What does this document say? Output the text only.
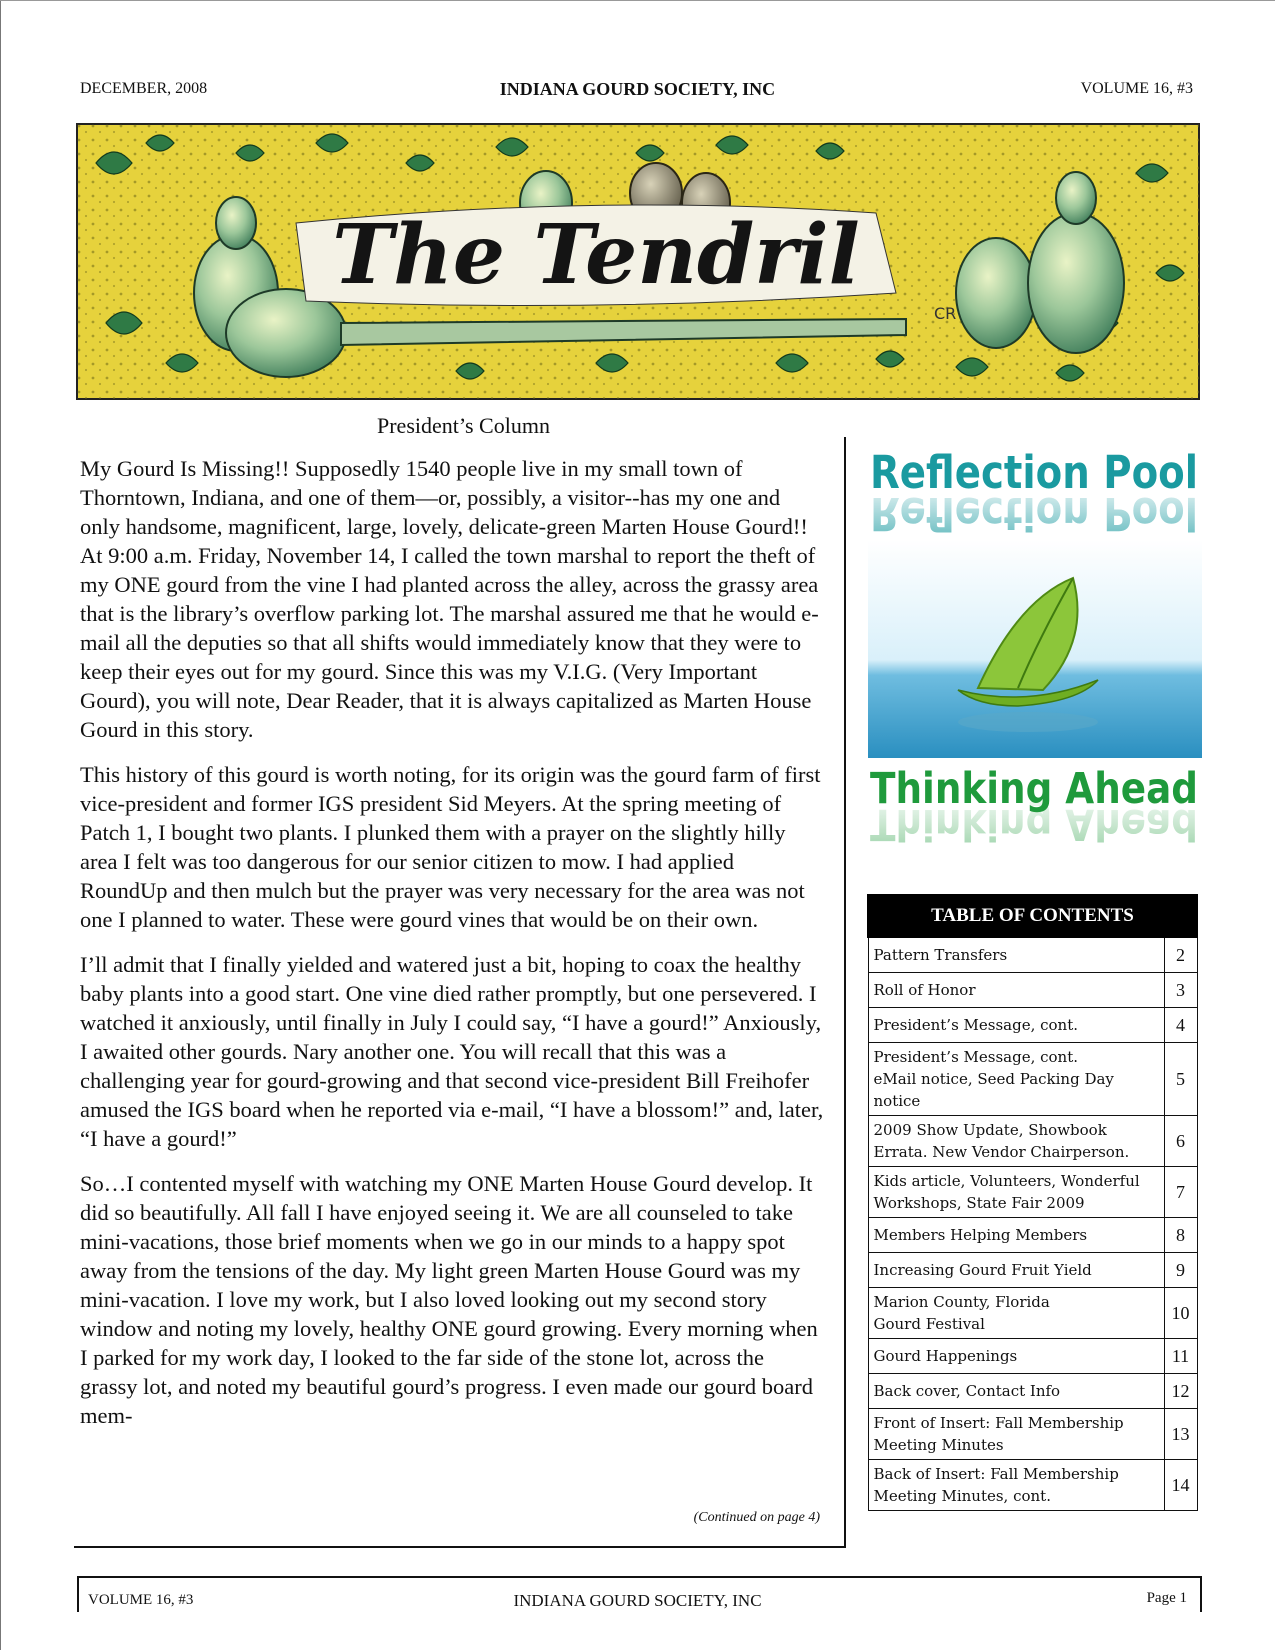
DECEMBER, 2008	INDIANA GOURD SOCIETY, INC	VOLUME 16, #3
The Tendril
CR
President’s Column

My Gourd Is Missing!! Supposedly 1540 people live in my small town of Thorntown, Indiana, and one of them—or, possibly, a visitor--has my one and only handsome, magnificent, large, lovely, delicate-green Marten House Gourd!! At 9:00 a.m. Friday, November 14, I called the town marshal to report the theft of my ONE gourd from the vine I had planted across the alley, across the grassy area that is the library’s overflow parking lot. The marshal assured me that he would e-mail all the deputies so that all shifts would immediately know that they were to keep their eyes out for my gourd. Since this was my V.I.G. (Very Important Gourd), you will note, Dear Reader, that it is always capitalized as Marten House Gourd in this story.

This history of this gourd is worth noting, for its origin was the gourd farm of first vice-president and former IGS president Sid Meyers. At the spring meeting of Patch 1, I bought two plants. I plunked them with a prayer on the slightly hilly area I felt was too dangerous for our senior citizen to mow. I had applied RoundUp and then mulch but the prayer was very necessary for the area was not one I planned to water. These were gourd vines that would be on their own.

I’ll admit that I finally yielded and watered just a bit, hoping to coax the healthy baby plants into a good start. One vine died rather promptly, but one persevered. I watched it anxiously, until finally in July I could say, “I have a gourd!” Anxiously, I awaited other gourds. Nary another one. You will recall that this was a challenging year for gourd-growing and that second vice-president Bill Freihofer amused the IGS board when he reported via e-mail, “I have a blossom!” and, later, “I have a gourd!”

So…I contented myself with watching my ONE Marten House Gourd develop. It did so beautifully. All fall I have enjoyed seeing it. We are all counseled to take mini-vacations, those brief moments when we go in our minds to a happy spot away from the tensions of the day. My light green Marten House Gourd was my mini-vacation. I love my work, but I also loved looking out my second story window and noting my lovely, healthy ONE gourd growing. Every morning when I parked for my work day, I looked to the far side of the stone lot, across the grassy lot, and noted my beautiful gourd’s progress. I even made our gourd board mem-

(Continued on page 4)
Reflection Pool
Reflection Pool
Thinking Ahead
Thinking Ahead
TABLE OF CONTENTS	
Pattern Transfers	2
Roll of Honor	3
President’s Message, cont.	4
President’s Message, cont.
eMail notice, Seed Packing Day notice	5
2009 Show Update, Showbook Errata. New Vendor Chairperson.	6
Kids article, Volunteers, Wonderful Workshops, State Fair 2009	7
Members Helping Members	8
Increasing Gourd Fruit Yield	9
Marion County, Florida
Gourd Festival	10
Gourd Happenings	11
Back cover, Contact Info	12
Front of Insert: Fall Membership Meeting Minutes	13
Back of Insert: Fall Membership Meeting Minutes, cont.	14
VOLUME 16, #3	INDIANA GOURD SOCIETY, INC	Page 1
